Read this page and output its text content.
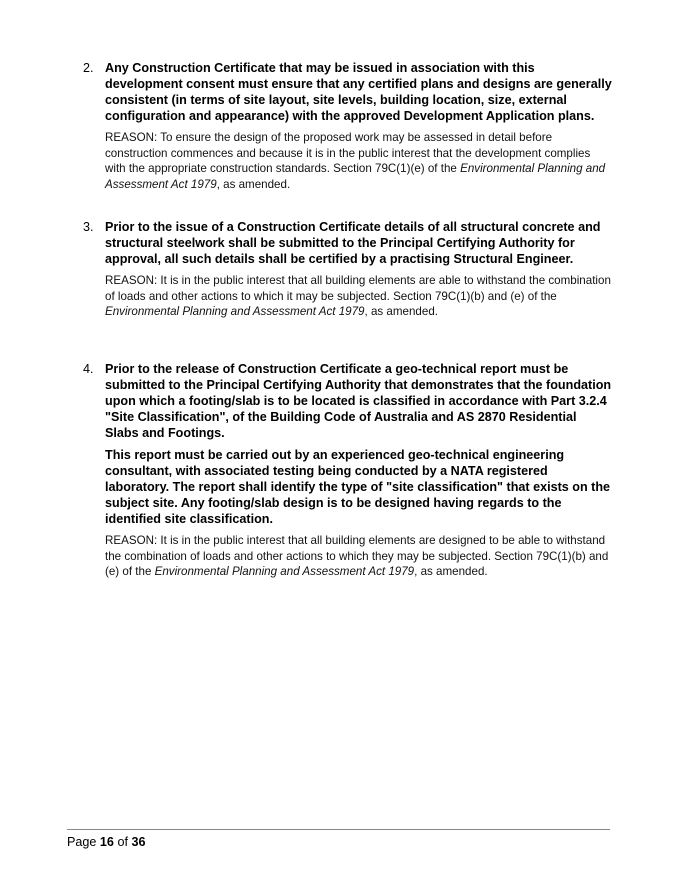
2. Any Construction Certificate that may be issued in association with this development consent must ensure that any certified plans and designs are generally consistent (in terms of site layout, site levels, building location, size, external configuration and appearance) with the approved Development Application plans.

REASON: To ensure the design of the proposed work may be assessed in detail before construction commences and because it is in the public interest that the development complies with the appropriate construction standards. Section 79C(1)(e) of the Environmental Planning and Assessment Act 1979, as amended.

3. Prior to the issue of a Construction Certificate details of all structural concrete and structural steelwork shall be submitted to the Principal Certifying Authority for approval, all such details shall be certified by a practising Structural Engineer.

REASON: It is in the public interest that all building elements are able to withstand the combination of loads and other actions to which it may be subjected. Section 79C(1)(b) and (e) of the Environmental Planning and Assessment Act 1979, as amended.

4. Prior to the release of Construction Certificate a geo-technical report must be submitted to the Principal Certifying Authority that demonstrates that the foundation upon which a footing/slab is to be located is classified in accordance with Part 3.2.4 "Site Classification", of the Building Code of Australia and AS 2870 Residential Slabs and Footings.

This report must be carried out by an experienced geo-technical engineering consultant, with associated testing being conducted by a NATA registered laboratory. The report shall identify the type of "site classification" that exists on the subject site. Any footing/slab design is to be designed having regards to the identified site classification.

REASON: It is in the public interest that all building elements are designed to be able to withstand the combination of loads and other actions to which they may be subjected. Section 79C(1)(b) and (e) of the Environmental Planning and Assessment Act 1979, as amended.

Page 16 of 36
